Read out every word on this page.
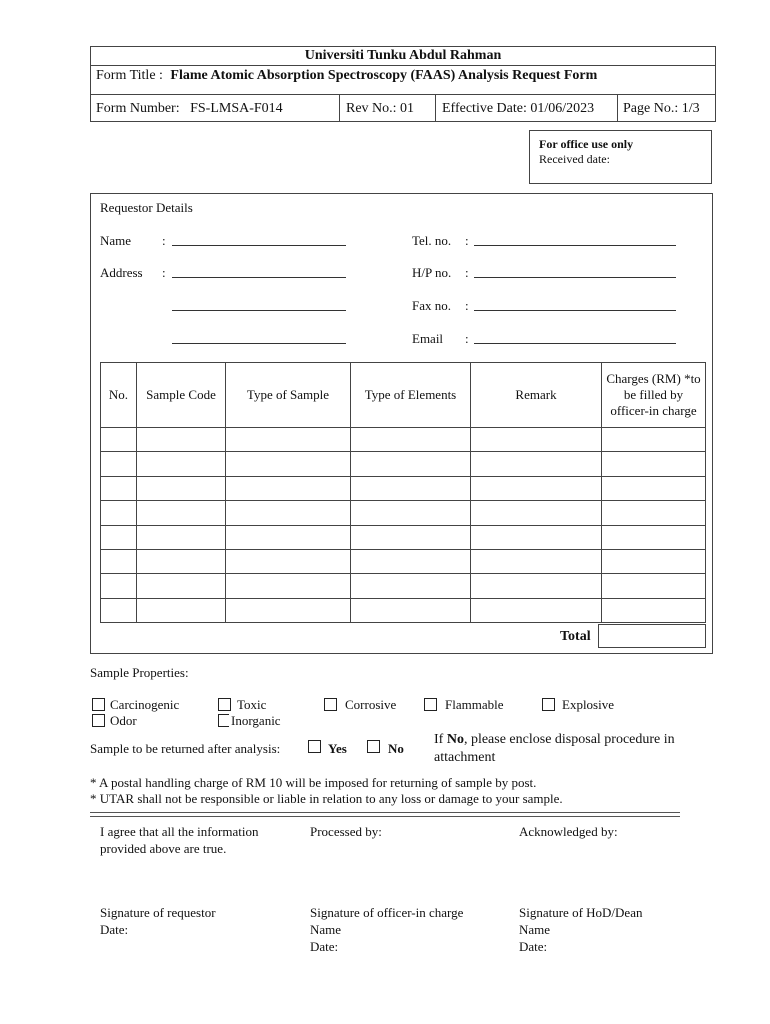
Universiti Tunku Abdul Rahman
Form Title : Flame Atomic Absorption Spectroscopy (FAAS) Analysis Request Form
Form Number:   FS-LMSA-F014	Rev No.: 01 Effective Date: 01/06/2023 Page No.: 1/3
For office use only
Received date:
Requestor Details
Name :
Address :
Tel. no. :
H/P no. :
Fax no. :
Email :
No.	Sample Code	Type of Sample	Type of Elements	Remark	Charges (RM) *to be filled by officer-in charge

Total
Sample Properties:
Carcinogenic
Odor
Toxic
Inorganic
Corrosive	Flammable	Explosive
Sample to be returned after analysis:	Yes	No
If No, please enclose disposal procedure in attachment
* A postal handling charge of RM 10 will be imposed for returning of sample by post.
* UTAR shall not be responsible or liable in relation to any loss or damage to your sample.
I agree that all the information
provided above are true.
Processed by:	Acknowledged by:
Signature of requestor
Date:
Signature of officer-in charge
Name
Date:
Signature of HoD/Dean
Name
Date:
